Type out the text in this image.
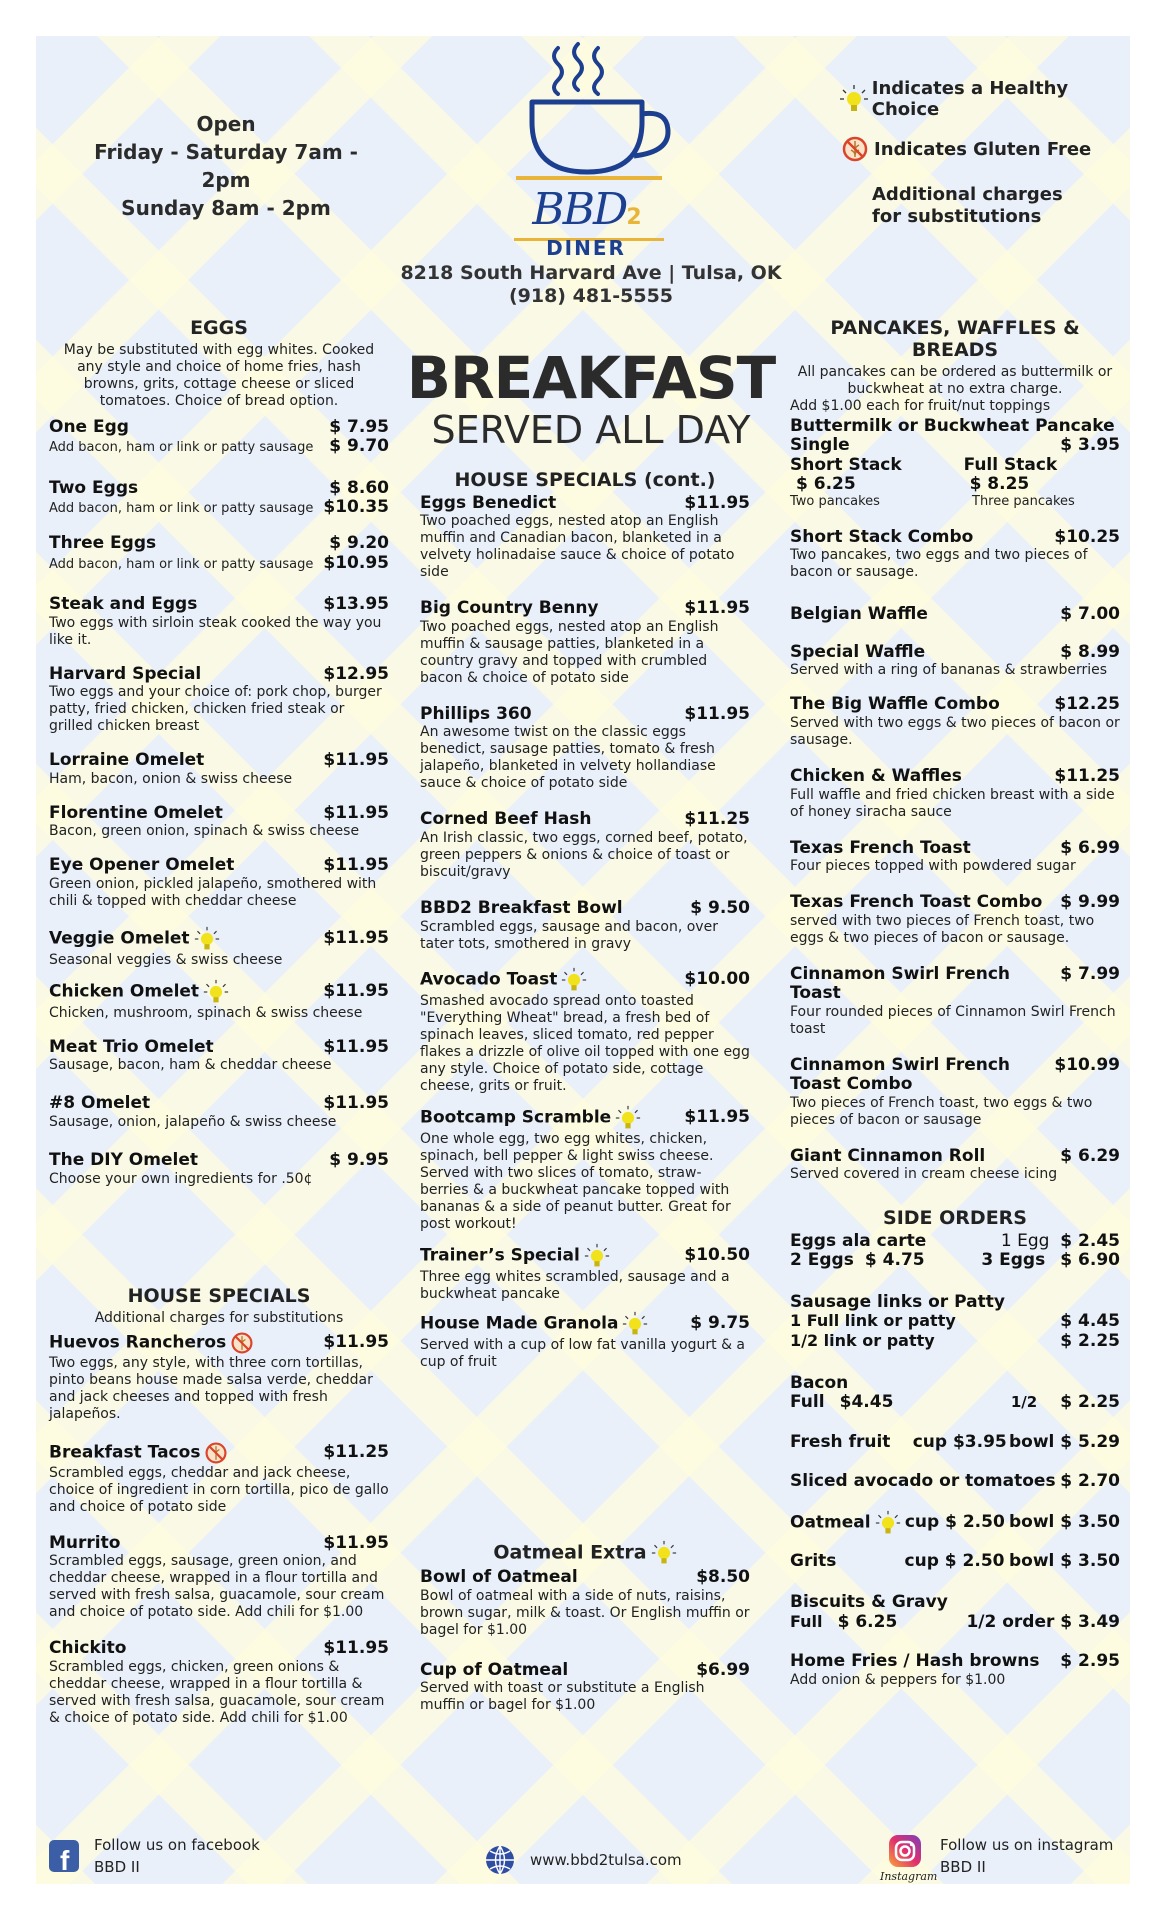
Open
Friday - Saturday 7am - 2pm
Sunday 8am - 2pm	BBD2
DINER
8218 South Harvard Ave | Tulsa, OK
(918) 481-5555
Indicates a Healthy Choice
Indicates Gluten Free
Additional charges for substitutions
BREAKFAST
SERVED ALL DAY
EGGS
May be substituted with egg whites. Cooked any style and choice of home fries, hash browns, grits, cottage cheese or sliced tomatoes. Choice of bread option.
One Egg	$ 7.95
Add bacon, ham or link or patty sausage $ 9.70
Two Eggs	$ 8.60
Add bacon, ham or link or patty sausage $10.35
Three Eggs	$ 9.20
Add bacon, ham or link or patty sausage $10.95
Steak and Eggs	$13.95
Two eggs with sirloin steak cooked the way you like it.
Harvard Special	$12.95
Two eggs and your choice of: pork chop, burger patty, fried chicken, chicken fried steak or grilled chicken breast
Lorraine Omelet	$11.95
Ham, bacon, onion & swiss cheese
Florentine Omelet	$11.95
Bacon, green onion, spinach & swiss cheese
Eye Opener Omelet	$11.95
Green onion, pickled jalapeño, smothered with chili & topped with cheddar cheese
Veggie Omelet	$11.95
Seasonal veggies & swiss cheese
Chicken Omelet	$11.95
Chicken, mushroom, spinach & swiss cheese
Meat Trio Omelet	$11.95
Sausage, bacon, ham & cheddar cheese
#8 Omelet	$11.95
Sausage, onion, jalapeño & swiss cheese
The DIY Omelet	$ 9.95
Choose your own ingredients for .50¢
HOUSE SPECIALS
Additional charges for substitutions
Huevos Rancheros	$11.95
Two eggs, any style, with three corn tortillas, pinto beans house made salsa verde, cheddar and jack cheeses and topped with fresh jalapeños.
Breakfast Tacos	$11.25
Scrambled eggs, cheddar and jack cheese, choice of ingredient in corn tortilla, pico de gallo and choice of potato side
Murrito	$11.95
Scrambled eggs, sausage, green onion, and cheddar cheese, wrapped in a flour tortilla and served with fresh salsa, guacamole, sour cream and choice of potato side. Add chili for $1.00
Chickito	$11.95
Scrambled eggs, chicken, green onions & cheddar cheese, wrapped in a flour tortilla & served with fresh salsa, guacamole, sour cream & choice of potato side. Add chili for $1.00
HOUSE SPECIALS (cont.)
Eggs Benedict	$11.95
Two poached eggs, nested atop an English muffin and Canadian bacon, blanketed in a velvety holinadaise sauce & choice of potato side
Big Country Benny	$11.95
Two poached eggs, nested atop an English muffin & sausage patties, blanketed in a country gravy and topped with crumbled bacon & choice of potato side
Phillips 360	$11.95
An awesome twist on the classic eggs benedict, sausage patties, tomato & fresh jalapeño, blanketed in velvety hollandiase sauce & choice of potato side
Corned Beef Hash	$11.25
An Irish classic, two eggs, corned beef, potato, green peppers & onions & choice of toast or biscuit/gravy
BBD2 Breakfast Bowl	$ 9.50
Scrambled eggs, sausage and bacon, over tater tots, smothered in gravy
Avocado Toast	$10.00
Smashed avocado spread onto toasted "Everything Wheat" bread, a fresh bed of spinach leaves, sliced tomato, red pepper flakes a drizzle of olive oil topped with one egg any style. Choice of potato side, cottage cheese, grits or fruit.
Bootcamp Scramble	$11.95
One whole egg, two egg whites, chicken, spinach, bell pepper & light swiss cheese. Served with two slices of tomato, straw-berries & a buckwheat pancake topped with bananas & a side of peanut butter. Great for post workout!
Trainer’s Special	$10.50
Three egg whites scrambled, sausage and a buckwheat pancake
House Made Granola	$ 9.75
Served with a cup of low fat vanilla yogurt & a cup of fruit
Oatmeal Extra
Bowl of Oatmeal	$8.50
Bowl of oatmeal with a side of nuts, raisins, brown sugar, milk & toast. Or English muffin or bagel for $1.00
Cup of Oatmeal	$6.99
Served with toast or substitute a English muffin or bagel for $1.00
PANCAKES, WAFFLES & BREADS
All pancakes can be ordered as buttermilk or buckwheat at no extra charge.
Add $1.00 each for fruit/nut toppings
Buttermilk or Buckwheat Pancake
Single	$ 3.95
Short Stack $ 6.25
Full Stack $ 8.25
Two pancakes	Three pancakes
Short Stack Combo	$10.25
Two pancakes, two eggs and two pieces of bacon or sausage.
Belgian Waffle	$ 7.00
Special Waffle	$ 8.99
Served with a ring of bananas & strawberries
The Big Waffle Combo	$12.25
Served with two eggs & two pieces of bacon or sausage.
Chicken & Waffles	$11.25
Full waffle and fried chicken breast with a side of honey siracha sauce
Texas French Toast	$ 6.99
Four pieces topped with powdered sugar
Texas French Toast Combo $ 9.99
served with two pieces of French toast, two eggs & two pieces of bacon or sausage.
Cinnamon Swirl French Toast
$ 7.99
Four rounded pieces of Cinnamon Swirl French toast
Cinnamon Swirl French Toast Combo
$10.99
Two pieces of French toast, two eggs & two pieces of bacon or sausage
Giant Cinnamon Roll	$ 6.29
Served covered in cream cheese icing
SIDE ORDERS
Eggs ala carte	1 Egg $ 2.45
2 Eggs $ 4.75	3 Eggs $ 6.90
Sausage links or Patty
1 Full link or patty	$ 4.45
1/2 link or patty	$ 2.25
Bacon
Full $4.45	1/2 $ 2.25
Fresh fruit cup $3.95 bowl $ 5.29
Sliced avocado or tomatoes $ 2.70
Oatmeal	cup $ 2.50 bowl $ 3.50
Grits	cup $ 2.50 bowl $ 3.50
Biscuits & Gravy
Full $ 6.25	1/2 order $ 3.49
Home Fries / Hash browns $ 2.95
Add onion & peppers for $1.00
f Follow us on facebook
BBD II	www.bbd2tulsa.com
Instagram
Follow us on instagram
BBD II
